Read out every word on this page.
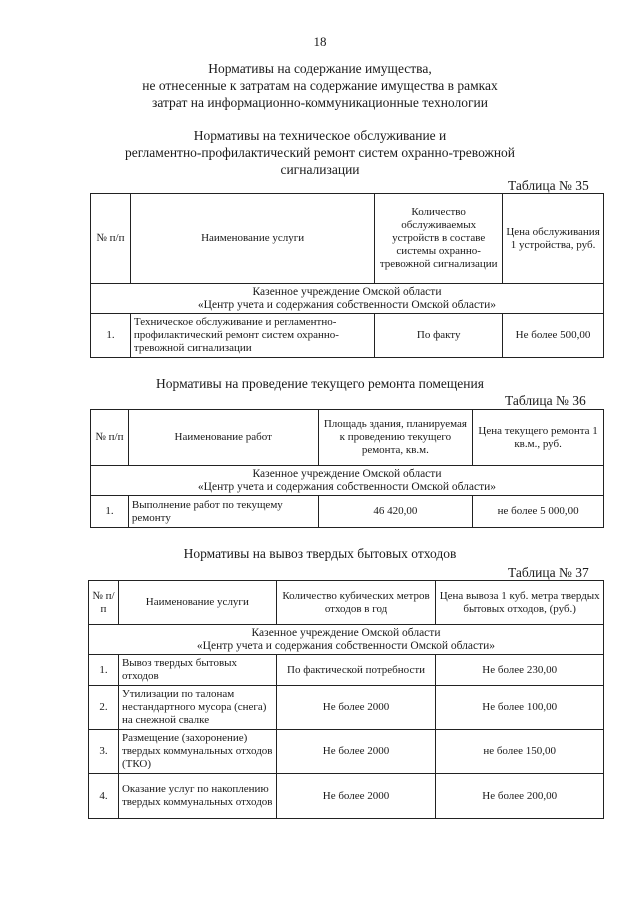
18
Нормативы на содержание имущества,
не отнесенные к затратам на содержание имущества в рамках
затрат на информационно-коммуникационные технологии
Нормативы на техническое обслуживание и
регламентно-профилактический ремонт систем охранно-тревожной
сигнализации
Таблица № 35
№ п/п	Наименование услуги	Количество обслуживаемых устройств в составе системы охранно-тревожной сигнализации	Цена обслуживания 1 устройства, руб.

Казенное учреждение Омской области
«Центр учета и содержания собственности Омской области»			

1.	Техническое обслуживание и регламентно-профилактический ремонт систем охранно-тревожной сигнализации	По факту	Не более 500,00
Нормативы на проведение текущего ремонта помещения
Таблица № 36
№ п/п	Наименование работ	Площадь здания, планируемая к проведению текущего ремонта, кв.м.	Цена текущего ремонта 1 кв.м., руб.

Казенное учреждение Омской области
«Центр учета и содержания собственности Омской области»			

1.	Выполнение работ по текущему ремонту	46 420,00	не более 5 000,00
Нормативы на вывоз твердых бытовых отходов
Таблица № 37
№ п/п	Наименование услуги	Количество кубических метров отходов в год	Цена вывоза 1 куб. метра твердых бытовых отходов, (руб.)

Казенное учреждение Омской области
«Центр учета и содержания собственности Омской области»			

1.	Вывоз твердых бытовых отходов	По фактической потребности	Не более 230,00
2.	Утилизации по талонам нестандартного мусора (снега) на снежной свалке	Не более 2000	Не более 100,00
3.	Размещение (захоронение) твердых коммунальных отходов (ТКО)	Не более 2000	не более 150,00
4.	Оказание услуг по накоплению твердых коммунальных отходов	Не более 2000	Не более 200,00
